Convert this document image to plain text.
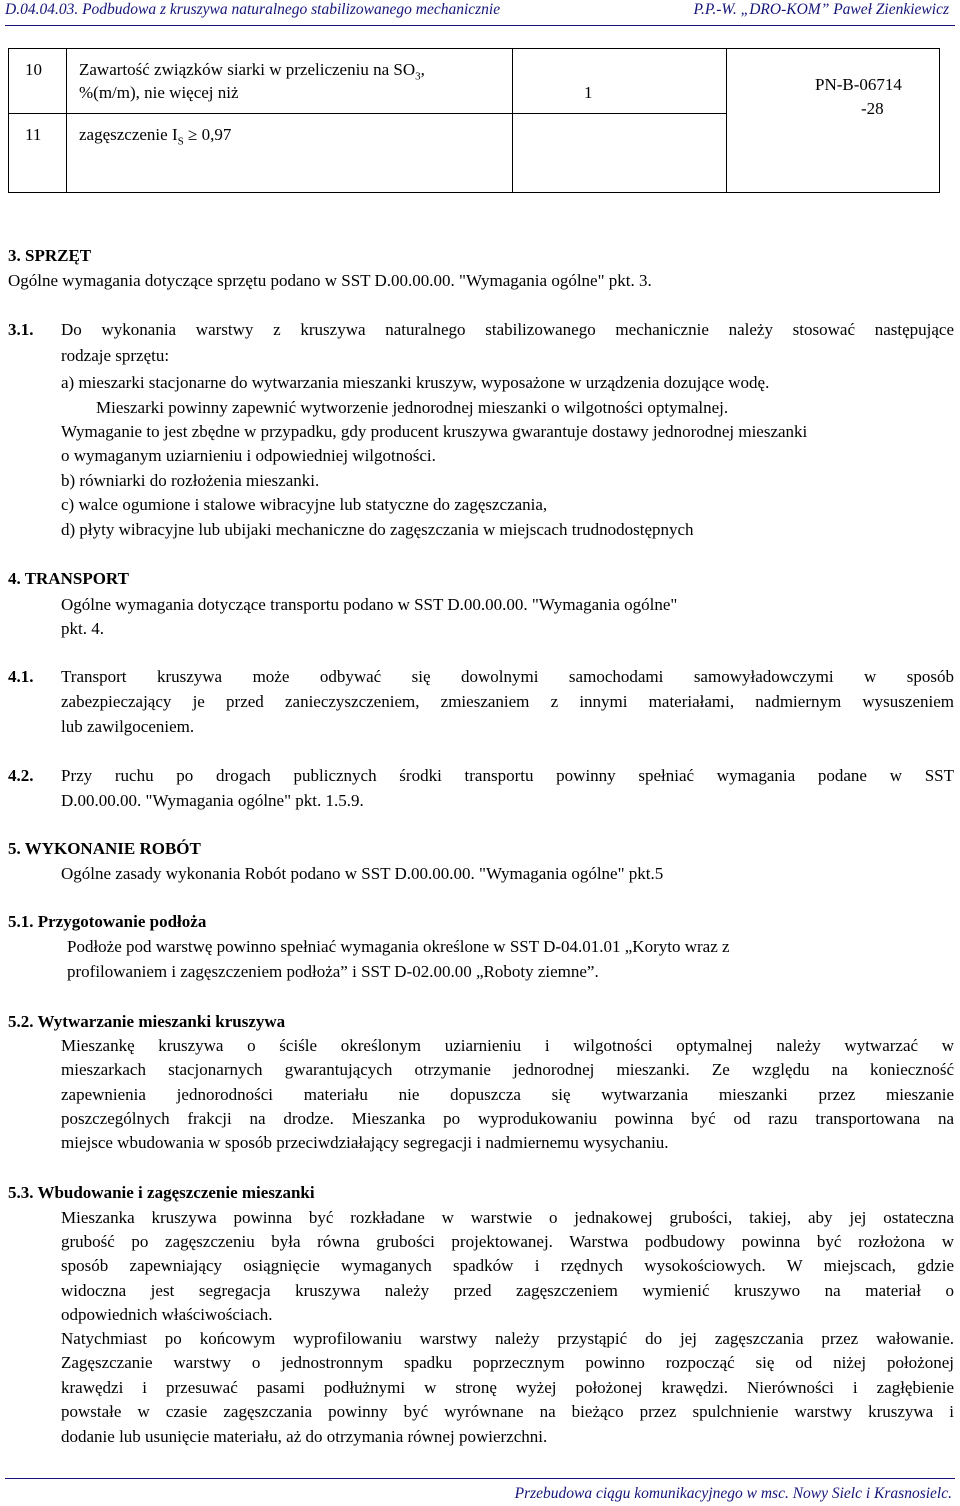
D.04.04.03. Podbudowa z kruszywa naturalnego stabilizowanego mechanicznie	P.P.-W. „DRO-KOM” Paweł Zienkiewicz
10 Zawartość związków siarki w przeliczeniu na $SO_3$,
%(m/m), nie więcej niż	1
11 zagęszczenie $I_S \ge 0,97$
PN-B-06714
-28
3. SPRZĘT
Ogólne wymagania dotyczące sprzętu podano w SST D.00.00.00. "Wymagania ogólne" pkt. 3.
3.1. Do wykonania warstwy z kruszywa naturalnego stabilizowanego mechanicznie należy stosować następujące
rodzaje sprzętu:
a) mieszarki stacjonarne do wytwarzania mieszanki kruszyw, wyposażone w urządzenia dozujące wodę.
Mieszarki powinny zapewnić wytworzenie jednorodnej mieszanki o wilgotności optymalnej.
Wymaganie to jest zbędne w przypadku, gdy producent kruszywa gwarantuje dostawy jednorodnej mieszanki
o wymaganym uziarnieniu i odpowiedniej wilgotności.
b) równiarki do rozłożenia mieszanki.
c) walce ogumione i stalowe wibracyjne lub statyczne do zagęszczania,
d) płyty wibracyjne lub ubijaki mechaniczne do zagęszczania w miejscach trudnodostępnych
4. TRANSPORT
Ogólne wymagania dotyczące transportu podano w SST D.00.00.00. "Wymagania ogólne"
pkt. 4.
4.1. Transport kruszywa może odbywać się dowolnymi samochodami samowyładowczymi w sposób
zabezpieczający je przed zanieczyszczeniem, zmieszaniem z innymi materiałami, nadmiernym wysuszeniem
lub zawilgoceniem.
4.2. Przy ruchu po drogach publicznych środki transportu powinny spełniać wymagania podane w SST
D.00.00.00. "Wymagania ogólne" pkt. 1.5.9.
5. WYKONANIE ROBÓT
Ogólne zasady wykonania Robót podano w SST D.00.00.00. "Wymagania ogólne" pkt.5
5.1. Przygotowanie podłoża
Podłoże pod warstwę powinno spełniać wymagania określone w SST D-04.01.01 „Koryto wraz z
profilowaniem i zagęszczeniem podłoża” i SST D-02.00.00 „Roboty ziemne”.
5.2. Wytwarzanie mieszanki kruszywa
Mieszankę kruszywa o ściśle określonym uziarnieniu i wilgotności optymalnej należy wytwarzać w
mieszarkach stacjonarnych gwarantujących otrzymanie jednorodnej mieszanki. Ze względu na konieczność
zapewnienia jednorodności materiału nie dopuszcza się wytwarzania mieszanki przez mieszanie
poszczególnych frakcji na drodze. Mieszanka po wyprodukowaniu powinna być od razu transportowana na
miejsce wbudowania w sposób przeciwdziałający segregacji i nadmiernemu wysychaniu.
5.3. Wbudowanie i zagęszczenie mieszanki
Mieszanka kruszywa powinna być rozkładane w warstwie o jednakowej grubości, takiej, aby jej ostateczna
grubość po zagęszczeniu była równa grubości projektowanej. Warstwa podbudowy powinna być rozłożona w
sposób zapewniający osiągnięcie wymaganych spadków i rzędnych wysokościowych. W miejscach, gdzie
widoczna jest segregacja kruszywa należy przed zagęszczeniem wymienić kruszywo na materiał o
odpowiednich właściwościach.
Natychmiast po końcowym wyprofilowaniu warstwy należy przystąpić do jej zagęszczania przez wałowanie.
Zagęszczanie warstwy o jednostronnym spadku poprzecznym powinno rozpocząć się od niżej położonej
krawędzi i przesuwać pasami podłużnymi w stronę wyżej położonej krawędzi. Nierówności i zagłębienie
powstałe w czasie zagęszczania powinny być wyrównane na bieżąco przez spulchnienie warstwy kruszywa i
dodanie lub usunięcie materiału, aż do otrzymania równej powierzchni.
Przebudowa ciągu komunikacyjnego w msc. Nowy Sielc i Krasnosielc.
